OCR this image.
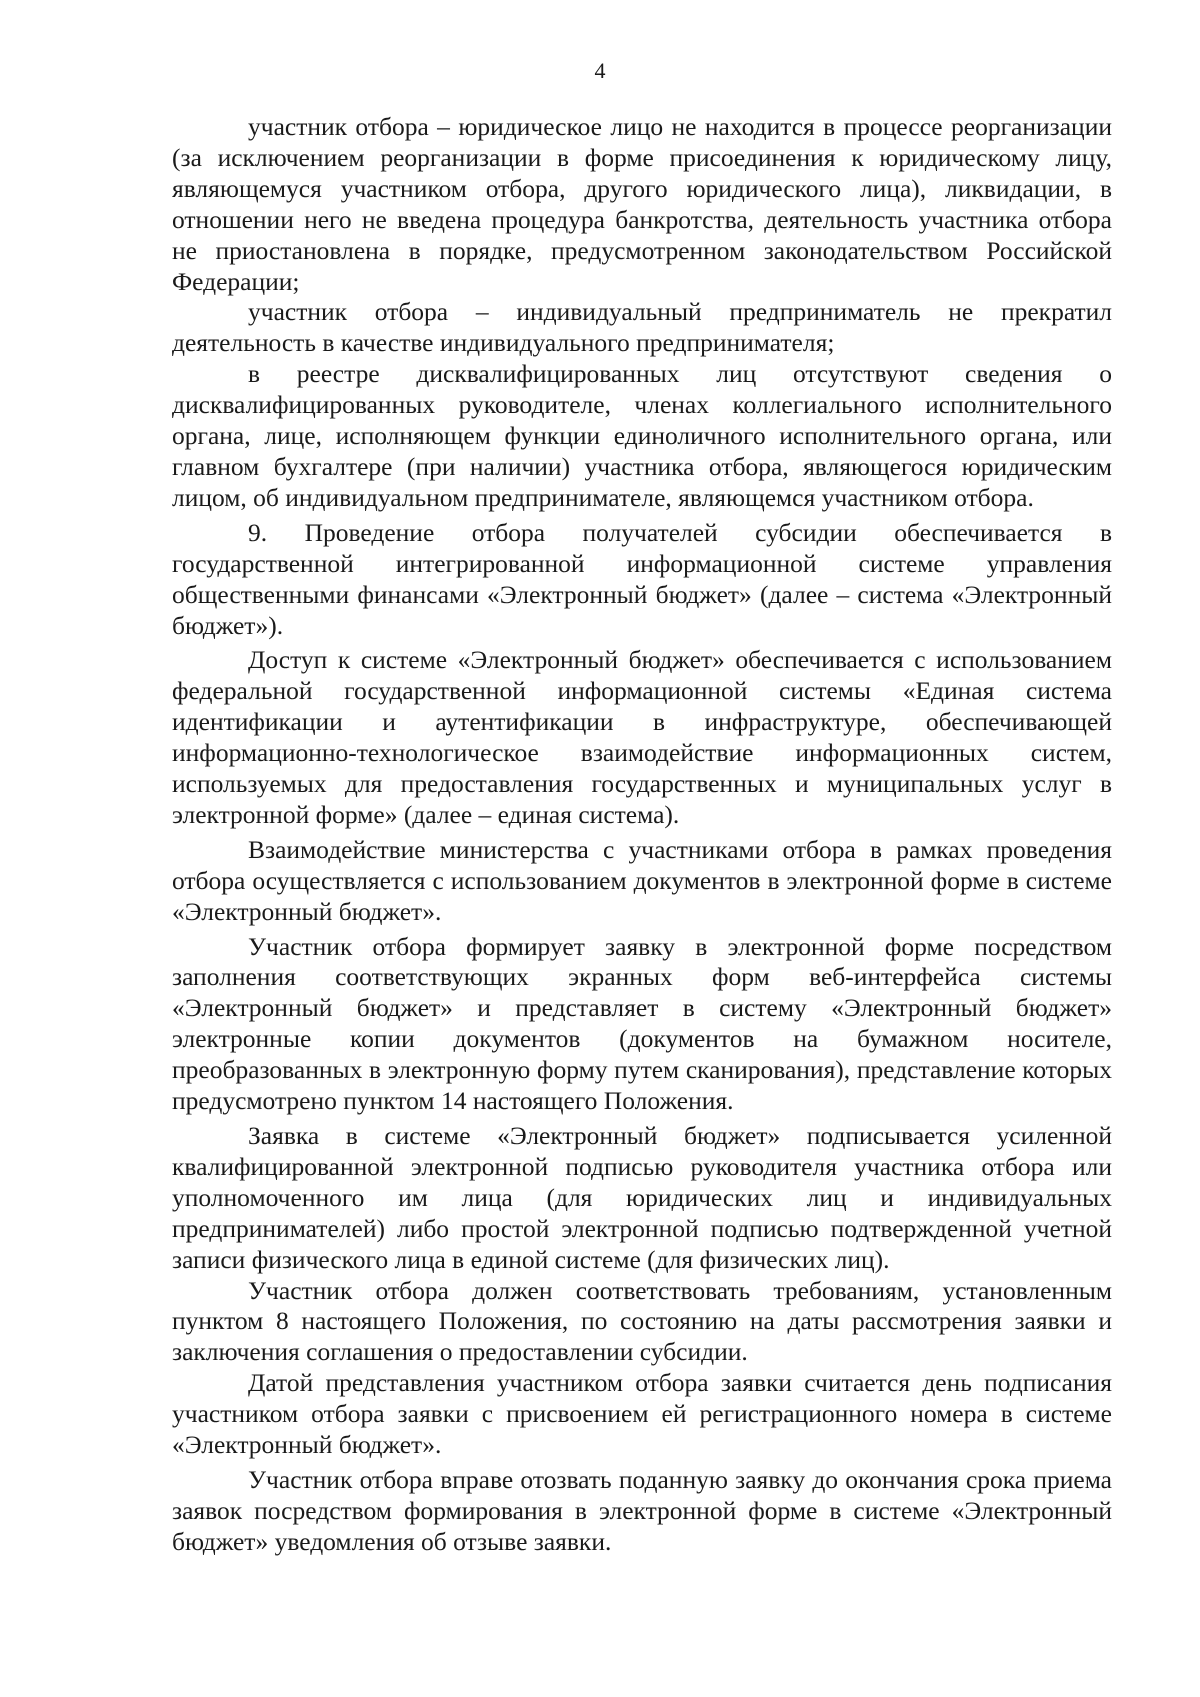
4

участник отбора – юридическое лицо не находится в процессе реорганизации (за исключением реорганизации в форме присоединения к юридическому лицу, являющемуся участником отбора, другого юридического лица), ликвидации, в отношении него не введена процедура банкротства, деятельность участника отбора не приостановлена в порядке, предусмотренном законодательством Российской Федерации;

участник отбора – индивидуальный предприниматель не прекратил деятельность в качестве индивидуального предпринимателя;

в реестре дисквалифицированных лиц отсутствуют сведения о дисквалифицированных руководителе, членах коллегиального исполнительного органа, лице, исполняющем функции единоличного исполнительного органа, или главном бухгалтере (при наличии) участника отбора, являющегося юридическим лицом, об индивидуальном предпринимателе, являющемся участником отбора.

9. Проведение отбора получателей субсидии обеспечивается в государственной интегрированной информационной системе управления общественными финансами «Электронный бюджет» (далее – система «Электронный бюджет»).

Доступ к системе «Электронный бюджет» обеспечивается с использованием федеральной государственной информационной системы «Единая система идентификации и аутентификации в инфраструктуре, обеспечивающей информационно-технологическое взаимодействие информационных систем, используемых для предоставления государственных и муниципальных услуг в электронной форме» (далее – единая система).

Взаимодействие министерства с участниками отбора в рамках проведения отбора осуществляется с использованием документов в электронной форме в системе «Электронный бюджет».

Участник отбора формирует заявку в электронной форме посредством заполнения соответствующих экранных форм веб-интерфейса системы «Электронный бюджет» и представляет в систему «Электронный бюджет» электронные копии документов (документов на бумажном носителе, преобразованных в электронную форму путем сканирования), представление которых предусмотрено пунктом 14 настоящего Положения.

Заявка в системе «Электронный бюджет» подписывается усиленной квалифицированной электронной подписью руководителя участника отбора или уполномоченного им лица (для юридических лиц и индивидуальных предпринимателей) либо простой электронной подписью подтвержденной учетной записи физического лица в единой системе (для физических лиц).

Участник отбора должен соответствовать требованиям, установленным пунктом 8 настоящего Положения, по состоянию на даты рассмотрения заявки и заключения соглашения о предоставлении субсидии.

Датой представления участником отбора заявки считается день подписания участником отбора заявки с присвоением ей регистрационного номера в системе «Электронный бюджет».

Участник отбора вправе отозвать поданную заявку до окончания срока приема заявок посредством формирования в электронной форме в системе «Электронный бюджет» уведомления об отзыве заявки.
